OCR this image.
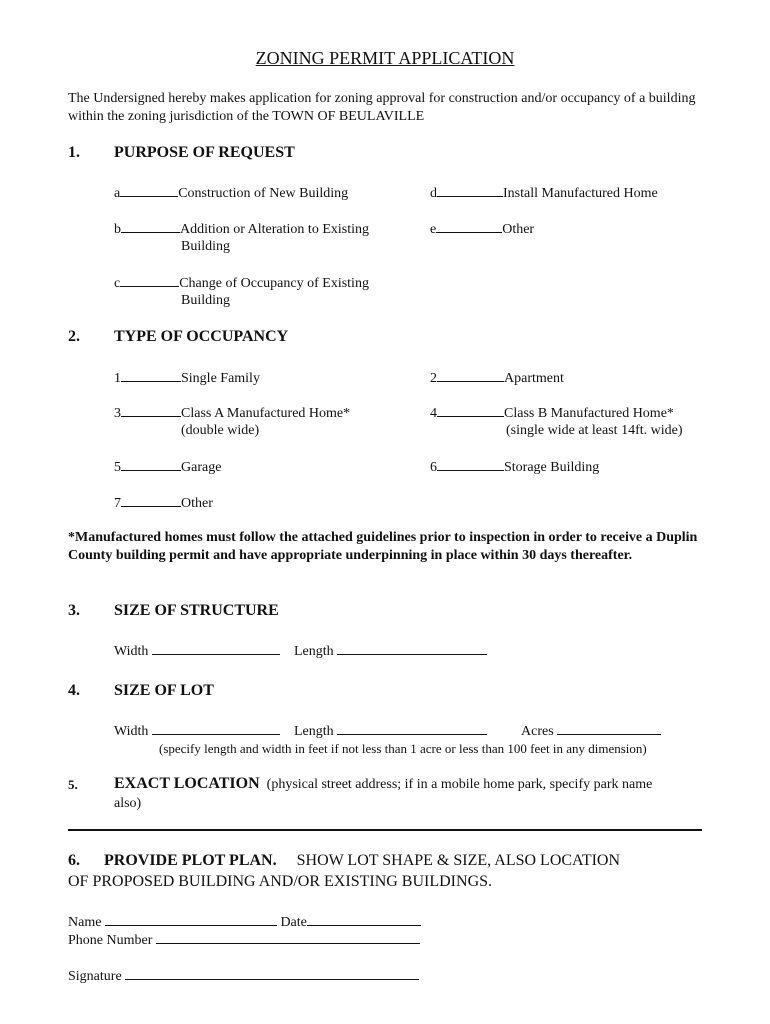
ZONING PERMIT APPLICATION
The Undersigned hereby makes application for zoning approval for construction and/or occupancy of a building within the zoning jurisdiction of the TOWN OF BEULAVILLE
1. PURPOSE OF REQUEST
a	Construction of New Building	d	Install Manufactured Home
b	Addition or Alteration to Existing
Building
e	Other
c	Change of Occupancy of Existing
Building
2. TYPE OF OCCUPANCY
1	Single Family	2	Apartment
3	Class A Manufactured Home*
(double wide)
4	Class B Manufactured Home*
(single wide at least 14ft. wide)
5	Garage	6	Storage Building
7	Other
*Manufactured homes must follow the attached guidelines prior to inspection in order to receive a Duplin County building permit and have appropriate underpinning in place within 30 days thereafter.
3. SIZE OF STRUCTURE
Width	Length
4. SIZE OF LOT
Width	Length	Acres
(specify length and width in feet if not less than 1 acre or less than 100 feet in any dimension)
5. EXACT LOCATION (physical street address; if in a mobile home park, specify park name
also)
6. PROVIDE PLOT PLAN. SHOW LOT SHAPE & SIZE, ALSO LOCATION
OF PROPOSED BUILDING AND/OR EXISTING BUILDINGS.
Name	Date
Phone Number
Signature
